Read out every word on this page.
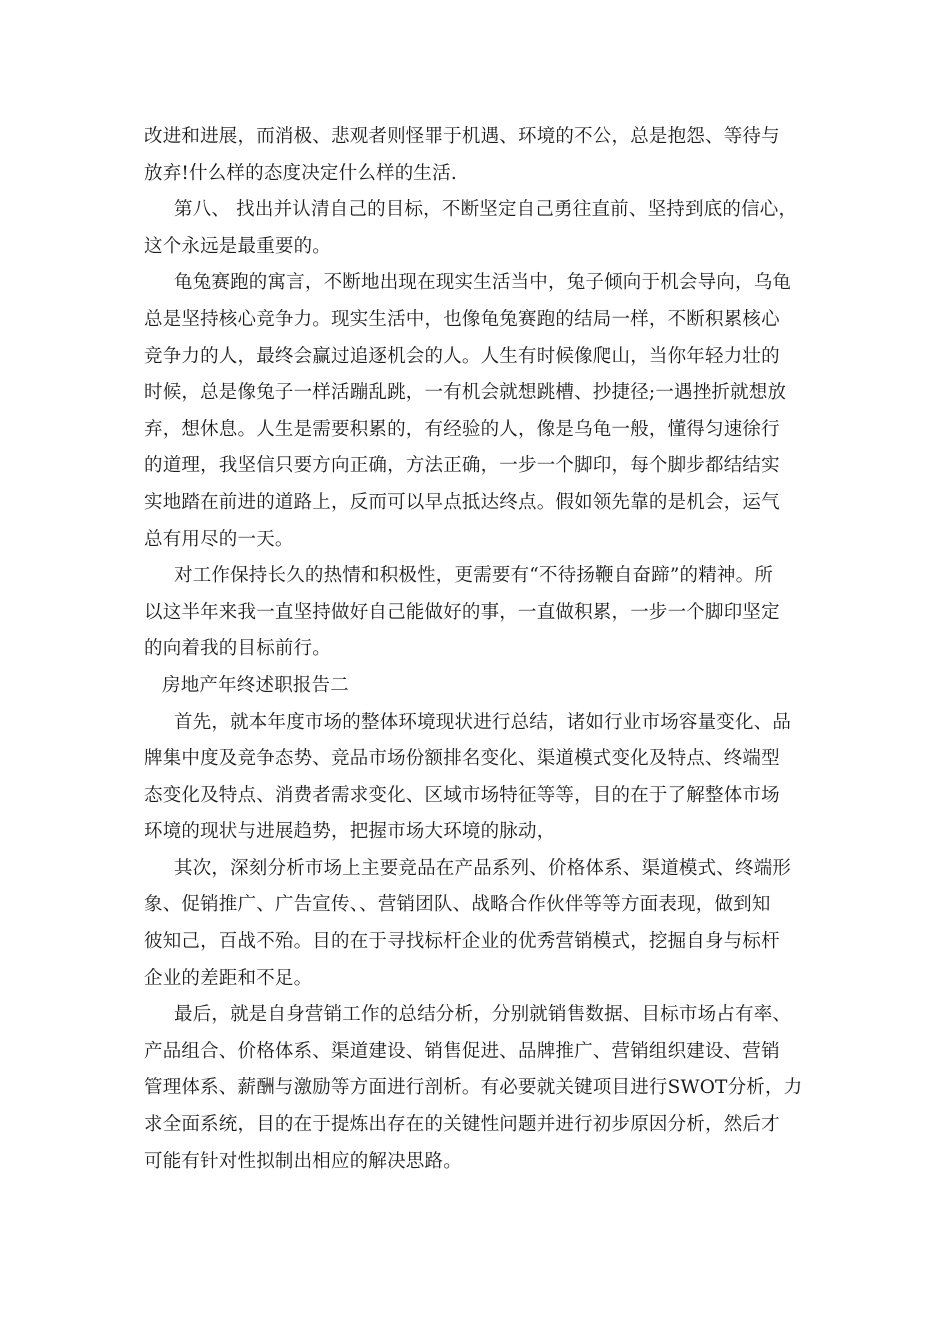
改进和进展，而消极、悲观者则怪罪于机遇、环境的不公，总是抱怨、等待与
放弃!什么样的态度决定什么样的生活.
第八、 找出并认清自己的目标，不断坚定自己勇往直前、坚持到底的信心，
这个永远是最重要的。
龟兔赛跑的寓言，不断地出现在现实生活当中，兔子倾向于机会导向，乌龟
总是坚持核心竞争力。现实生活中，也像龟兔赛跑的结局一样，不断积累核心
竞争力的人，最终会赢过追逐机会的人。人生有时候像爬山，当你年轻力壮的
时候，总是像兔子一样活蹦乱跳，一有机会就想跳槽、抄捷径;一遇挫折就想放
弃，想休息。人生是需要积累的，有经验的人，像是乌龟一般，懂得匀速徐行
的道理，我坚信只要方向正确，方法正确，一步一个脚印，每个脚步都结结实
实地踏在前进的道路上，反而可以早点抵达终点。假如领先靠的是机会，运气
总有用尽的一天。
对工作保持长久的热情和积极性，更需要有“不待扬鞭自奋蹄”的精神。所
以这半年来我一直坚持做好自己能做好的事，一直做积累，一步一个脚印坚定
的向着我的目标前行。
房地产年终述职报告二
首先，就本年度市场的整体环境现状进行总结，诸如行业市场容量变化、品
牌集中度及竞争态势、竞品市场份额排名变化、渠道模式变化及特点、终端型
态变化及特点、消费者需求变化、区域市场特征等等，目的在于了解整体市场
环境的现状与进展趋势，把握市场大环境的脉动，
其次，深刻分析市场上主要竞品在产品系列、价格体系、渠道模式、终端形
象、促销推广、广告宣传、、营销团队、战略合作伙伴等等方面表现，做到知
彼知己，百战不殆。目的在于寻找标杆企业的优秀营销模式，挖掘自身与标杆
企业的差距和不足。
最后，就是自身营销工作的总结分析，分别就销售数据、目标市场占有率、
产品组合、价格体系、渠道建设、销售促进、品牌推广、营销组织建设、营销
管理体系、薪酬与激励等方面进行剖析。有必要就关键项目进行SWOT分析，力
求全面系统，目的在于提炼出存在的关键性问题并进行初步原因分析，然后才
可能有针对性拟制出相应的解决思路。
